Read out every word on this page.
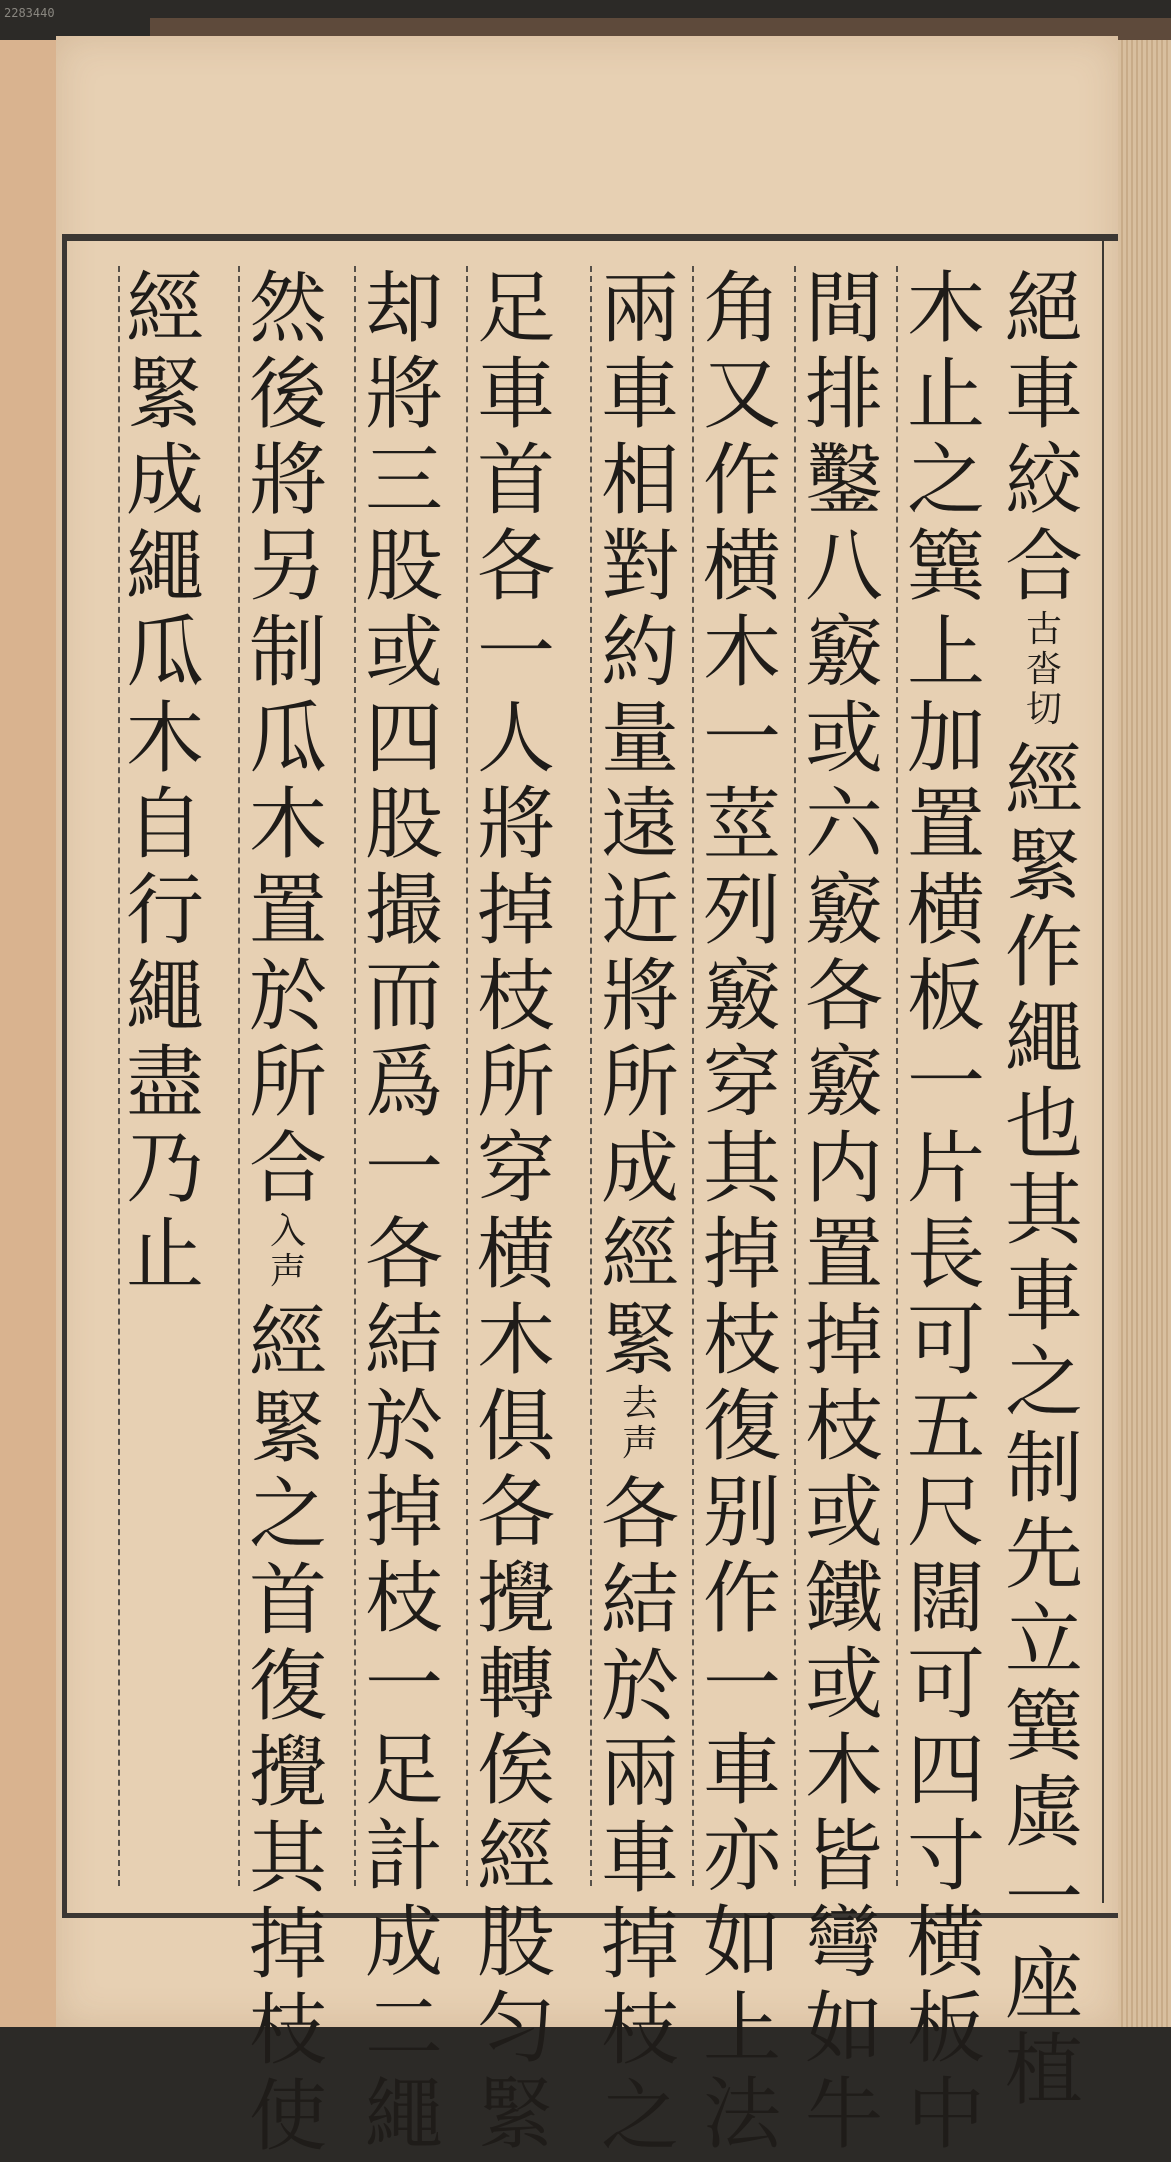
2283440
絕車絞合古沓切經緊作繩也其車之制先立簨虡一座植
木止之簨上加置横板一片長可五尺闊可四寸横板中
間排鑿八竅或六竅各竅内置掉枝或鐵或木皆彎如牛
角又作横木一莖列竅穿其掉枝復别作一車亦如上法
兩車相對約量遠近將所成經緊去声各結於兩車掉枝之
足車首各一人將掉枝所穿横木俱各攪轉俟經股匀緊
却將三股或四股撮而爲一各結於掉枝一足計成二繩
然後將另制瓜木置於所合入声經緊之首復攪其掉枝使
經緊成繩瓜木自行繩盡乃止
